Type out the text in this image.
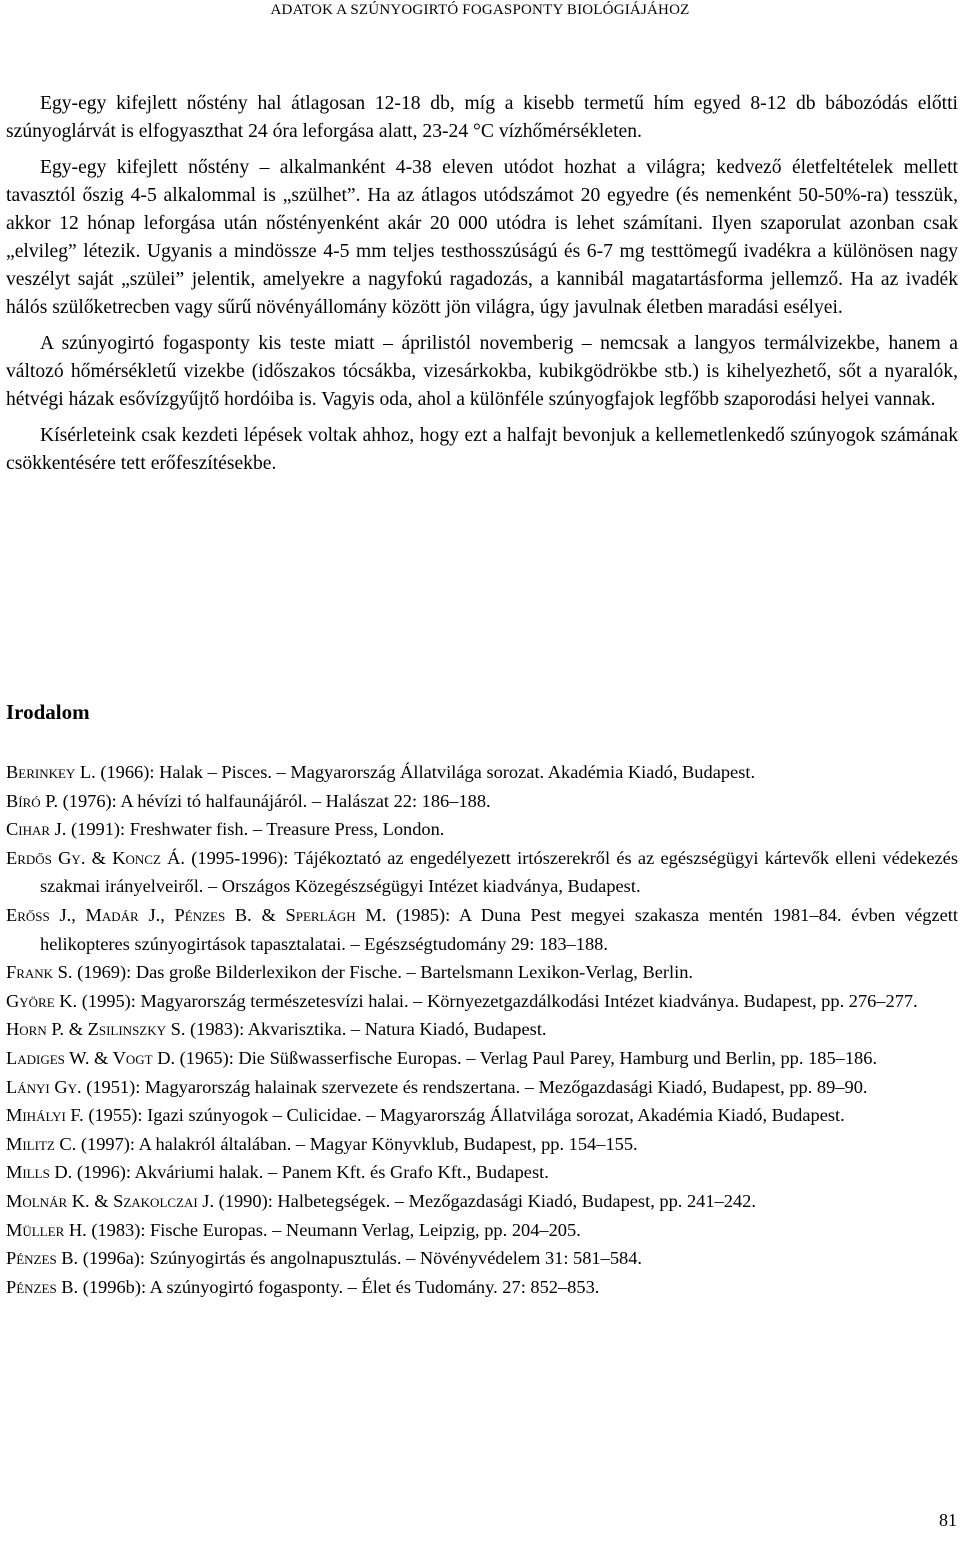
ADATOK A SZÚNYOGIRTÓ FOGASPONTY BIOLÓGIÁJÁHOZ

Egy-egy kifejlett nőstény hal átlagosan 12-18 db, míg a kisebb termetű hím egyed 8-12 db bábozódás előtti szúnyoglárvát is elfogyaszthat 24 óra leforgása alatt, 23-24 °C vízhőmérsékleten.

Egy-egy kifejlett nőstény – alkalmanként 4-38 eleven utódot hozhat a világra; kedvező életfeltételek mellett tavasztól őszig 4-5 alkalommal is „szülhet”. Ha az átlagos utódszámot 20 egyedre (és nemenként 50-50%-ra) tesszük, akkor 12 hónap leforgása után nőstényenként akár 20 000 utódra is lehet számítani. Ilyen szaporulat azonban csak „elvileg” létezik. Ugyanis a mindössze 4-5 mm teljes testhosszúságú és 6-7 mg testtömegű ivadékra a különösen nagy veszélyt saját „szülei” jelentik, amelyekre a nagyfokú ragadozás, a kannibál magatartásforma jellemző. Ha az ivadék hálós szülőketrecben vagy sűrű növényállomány között jön világra, úgy javulnak életben maradási esélyei.

A szúnyogirtó fogasponty kis teste miatt – áprilistól novemberig – nemcsak a langyos termálvizekbe, hanem a változó hőmérsékletű vizekbe (időszakos tócsákba, vizesárkokba, kubikgödrökbe stb.) is kihelyezhető, sőt a nyaralók, hétvégi házak esővízgyűjtő hordóiba is. Vagyis oda, ahol a különféle szúnyogfajok legfőbb szaporodási helyei vannak.

Kísérleteink csak kezdeti lépések voltak ahhoz, hogy ezt a halfajt bevonjuk a kellemetlenkedő szúnyogok számának csökkentésére tett erőfeszítésekbe.

Irodalom

Berinkey L. (1966): Halak – Pisces. – Magyarország Állatvilága sorozat. Akadémia Kiadó, Budapest.

Bíró P. (1976): A hévízi tó halfaunájáról. – Halászat 22: 186–188.

Cihar J. (1991): Freshwater fish. – Treasure Press, London.

Erdős Gy. & Koncz Á. (1995-1996): Tájékoztató az engedélyezett irtószerekről és az egészségügyi kártevők elleni védekezés szakmai irányelveiről. – Országos Közegészségügyi Intézet kiadványa, Budapest.

Erőss J., Madár J., Pénzes B. & Sperlágh M. (1985): A Duna Pest megyei szakasza mentén 1981–84. évben végzett helikopteres szúnyogirtások tapasztalatai. – Egészségtudomány 29: 183–188.

Frank S. (1969): Das große Bilderlexikon der Fische. – Bartelsmann Lexikon-Verlag, Berlin.

Györe K. (1995): Magyarország természetesvízi halai. – Környezetgazdálkodási Intézet kiadványa. Budapest, pp. 276–277.

Horn P. & Zsilinszky S. (1983): Akvarisztika. – Natura Kiadó, Budapest.

Ladiges W. & Vogt D. (1965): Die Süßwasserfische Europas. – Verlag Paul Parey, Hamburg und Berlin, pp. 185–186.

Lányi Gy. (1951): Magyarország halainak szervezete és rendszertana. – Mezőgazdasági Kiadó, Budapest, pp. 89–90.

Mihályi F. (1955): Igazi szúnyogok – Culicidae. – Magyarország Állatvilága sorozat, Akadémia Kiadó, Budapest.

Militz C. (1997): A halakról általában. – Magyar Könyvklub, Budapest, pp. 154–155.

Mills D. (1996): Akváriumi halak. – Panem Kft. és Grafo Kft., Budapest.

Molnár K. & Szakolczai J. (1990): Halbetegségek. – Mezőgazdasági Kiadó, Budapest, pp. 241–242.

Müller H. (1983): Fische Europas. – Neumann Verlag, Leipzig, pp. 204–205.

Pénzes B. (1996a): Szúnyogirtás és angolnapusztulás. – Növényvédelem 31: 581–584.

Pénzes B. (1996b): A szúnyogirtó fogasponty. – Élet és Tudomány. 27: 852–853.

81
